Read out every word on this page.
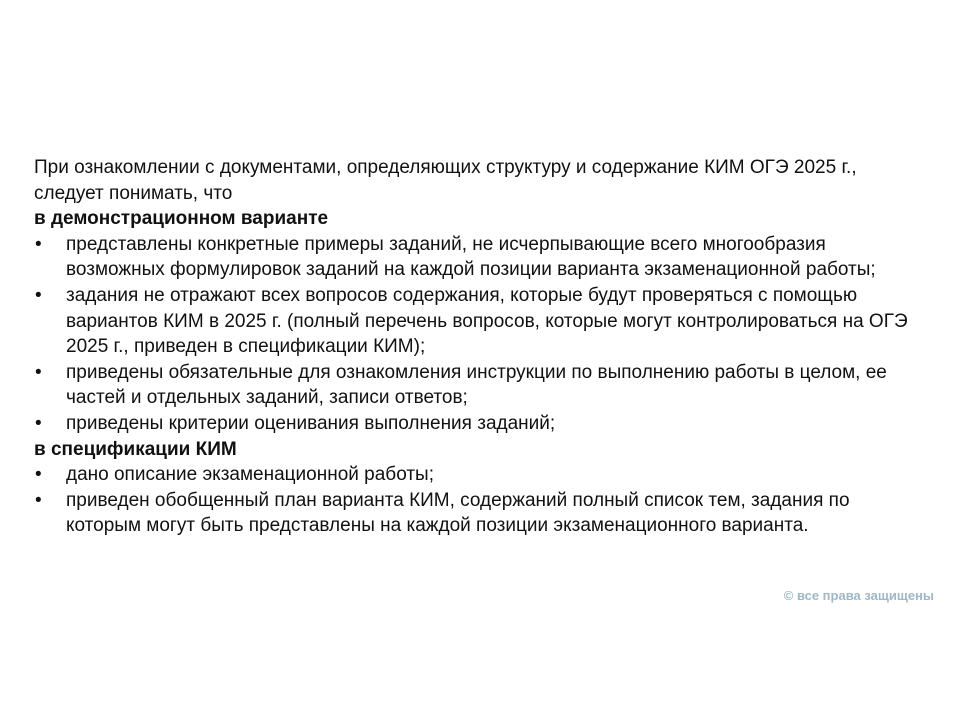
При ознакомлении с документами, определяющих структуру и содержание КИМ ОГЭ 2025 г., следует понимать, что

в демонстрационном варианте

• представлены конкретные примеры заданий, не исчерпывающие всего многообразия возможных формулировок заданий на каждой позиции варианта экзаменационной работы;
• задания не отражают всех вопросов содержания, которые будут проверяться с помощью вариантов КИМ в 2025 г. (полный перечень вопросов, которые могут контролироваться на ОГЭ 2025 г., приведен в спецификации КИМ);
• приведены обязательные для ознакомления инструкции по выполнению работы в целом, ее частей и отдельных заданий, записи ответов;
• приведены критерии оценивания выполнения заданий;

в спецификации КИМ

• дано описание экзаменационной работы;
• приведен обобщенный план варианта КИМ, содержаний полный список тем, задания по которым могут быть представлены на каждой позиции экзаменационного варианта.
© все права защищены
